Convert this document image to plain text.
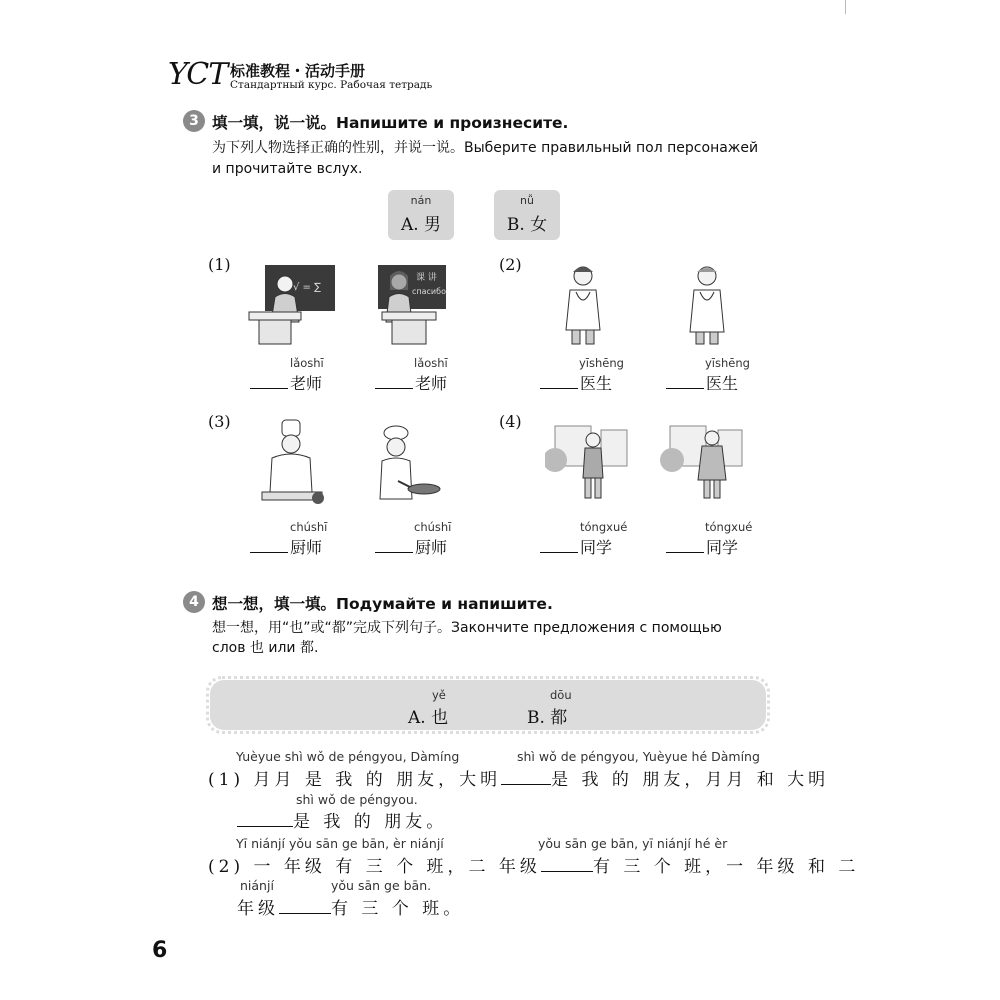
YCT 标准教程・活动手册
Стандартный курс. Рабочая тетрадь
3 填一填，说一说。Напишите и произнесите.
为下列人物选择正确的性别，并说一说。Выберите правильный пол персонажей
и прочитайте вслух.
nán
A. 男
nǚ
B. 女
(1)	(2)
(3)	(4)
√ = ∑
课 讲
спасибо
lǎoshī
老师
lǎoshī
老师
yīshēng
医生
yīshēng
医生
chúshī
厨师
chúshī
厨师
tóngxué
同学
tóngxué
同学
4 想一想，填一填。Подумайте и напишите.
想一想，用“也”或“都”完成下列句子。Закончите предложения с помощью
слов 也 или 都.
yě
A. 也
dōu
B. 都
Yuèyue shì wǒ de péngyou, Dàmíng	shì wǒ de péngyou, Yuèyue hé Dàmíng
(1) 月月 是 我 的 朋友，大明	是 我 的 朋友，月月 和 大明
shì wǒ de péngyou.
是 我 的 朋友。
Yī niánjí yǒu sān ge bān, èr niánjí	yǒu sān ge bān, yī niánjí hé èr
(2) 一 年级 有 三 个 班，二 年级	有 三 个 班，一 年级 和 二
niánjí	yǒu sān ge bān.
年级	有 三 个 班。
6
